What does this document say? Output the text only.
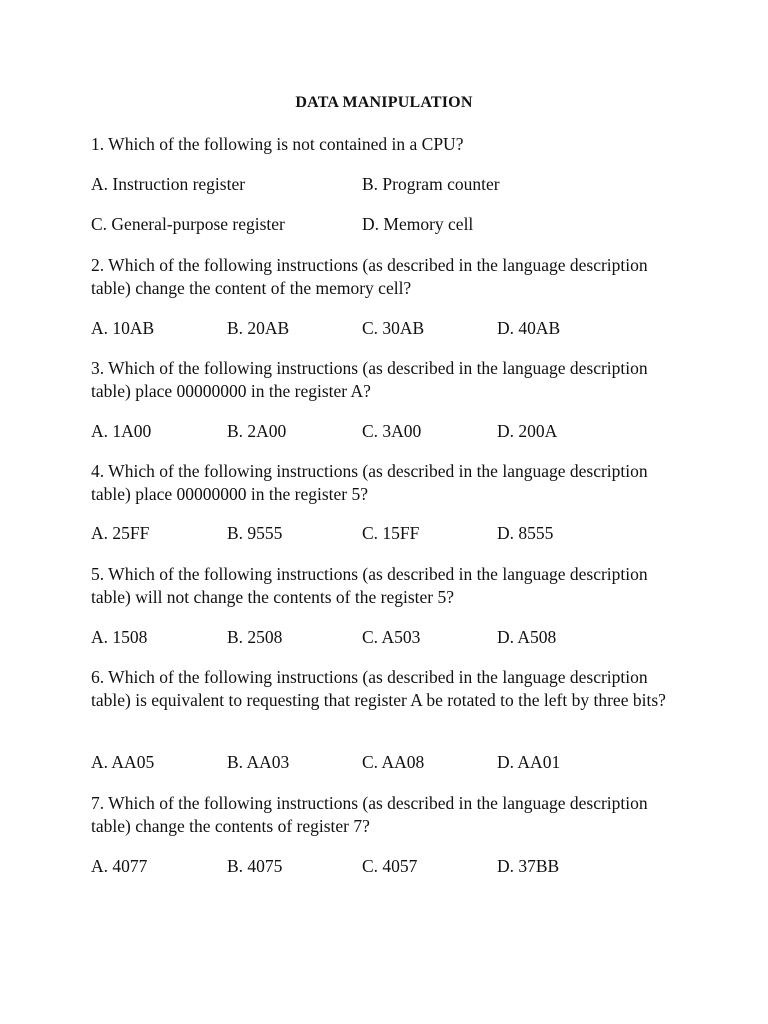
DATA MANIPULATION
1. Which of the following is not contained in a CPU?
A. Instruction register	B. Program counter
C. General-purpose register	D. Memory cell
2. Which of the following instructions (as described in the language description table) change the content of the memory cell?
A. 10AB	B. 20AB	C. 30AB	D. 40AB
3. Which of the following instructions (as described in the language description table) place 00000000 in the register A?
A. 1A00	B. 2A00	C. 3A00	D. 200A
4. Which of the following instructions (as described in the language description table) place 00000000 in the register 5?
A. 25FF	B. 9555	C. 15FF	D. 8555
5. Which of the following instructions (as described in the language description table) will not change the contents of the register 5?
A. 1508	B. 2508	C. A503	D. A508
6. Which of the following instructions (as described in the language description table) is equivalent to requesting that register A be rotated to the left by three bits?
A. AA05	B. AA03	C. AA08	D. AA01
7. Which of the following instructions (as described in the language description table) change the contents of register 7?
A. 4077	B. 4075	C. 4057	D. 37BB
